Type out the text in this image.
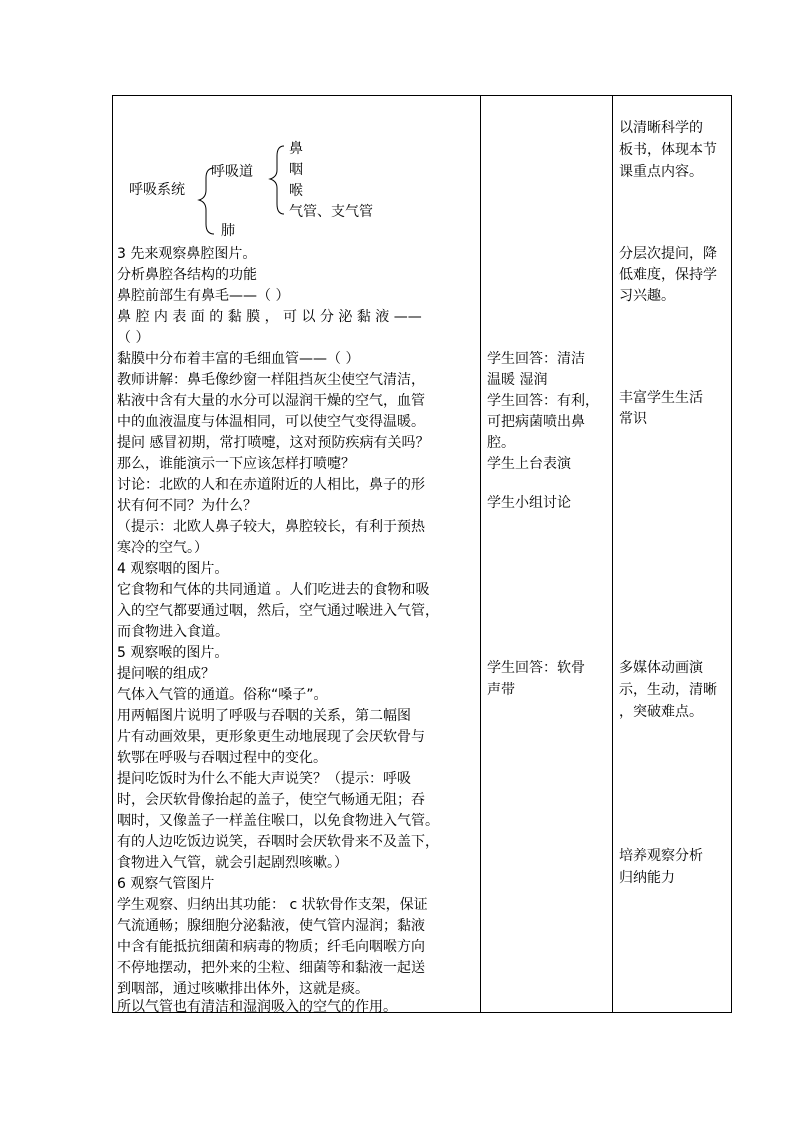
呼吸系统
呼吸道
肺
鼻
咽
喉
气管、支气管
3 先来观察鼻腔图片。
分析鼻腔各结构的功能
鼻腔前部生有鼻毛——（ ）
鼻 腔 内 表 面 的 黏 膜 ， 可 以 分 泌 黏 液 ——
（ ）
黏膜中分布着丰富的毛细血管——（ ）
教师讲解：鼻毛像纱窗一样阻挡灰尘使空气清洁，
粘液中含有大量的水分可以湿润干燥的空气，血管
中的血液温度与体温相同，可以使空气变得温暖。
提问 感冒初期，常打喷嚏，这对预防疾病有关吗？
那么，谁能演示一下应该怎样打喷嚏？
讨论：北欧的人和在赤道附近的人相比，鼻子的形
状有何不同？为什么？
（提示：北欧人鼻子较大，鼻腔较长，有利于预热
寒冷的空气。）
4 观察咽的图片。
它食物和气体的共同通道 。人们吃进去的食物和吸
入的空气都要通过咽，然后，空气通过喉进入气管，
而食物进入食道。
5 观察喉的图片。
提问喉的组成？
气体入气管的通道。俗称“嗓子”。
用两幅图片说明了呼吸与吞咽的关系，第二幅图
片有动画效果，更形象更生动地展现了会厌软骨与
软鄂在呼吸与吞咽过程中的变化。
提问吃饭时为什么不能大声说笑？（提示：呼吸
时，会厌软骨像抬起的盖子，使空气畅通无阻；吞
咽时，又像盖子一样盖住喉口，以免食物进入气管。
有的人边吃饭边说笑，吞咽时会厌软骨来不及盖下，
食物进入气管，就会引起剧烈咳嗽。）
6 观察气管图片
学生观察、归纳出其功能： c 状软骨作支架，保证
气流通畅；腺细胞分泌黏液，使气管内湿润；黏液
中含有能抵抗细菌和病毒的物质；纤毛向咽喉方向
不停地摆动，把外来的尘粒、细菌等和黏液一起送
到咽部，通过咳嗽排出体外，这就是痰。
所以气管也有清洁和湿润吸入的空气的作用。
学生回答：清洁
温暖 湿润
学生回答：有利，
可把病菌喷出鼻
腔。
学生上台表演
学生小组讨论
学生回答：软骨
声带
以清晰科学的
板书，体现本节
课重点内容。
分层次提问，降
低难度，保持学
习兴趣。
丰富学生生活
常识
多媒体动画演
示，生动，清晰
，突破难点。
培养观察分析
归纳能力
